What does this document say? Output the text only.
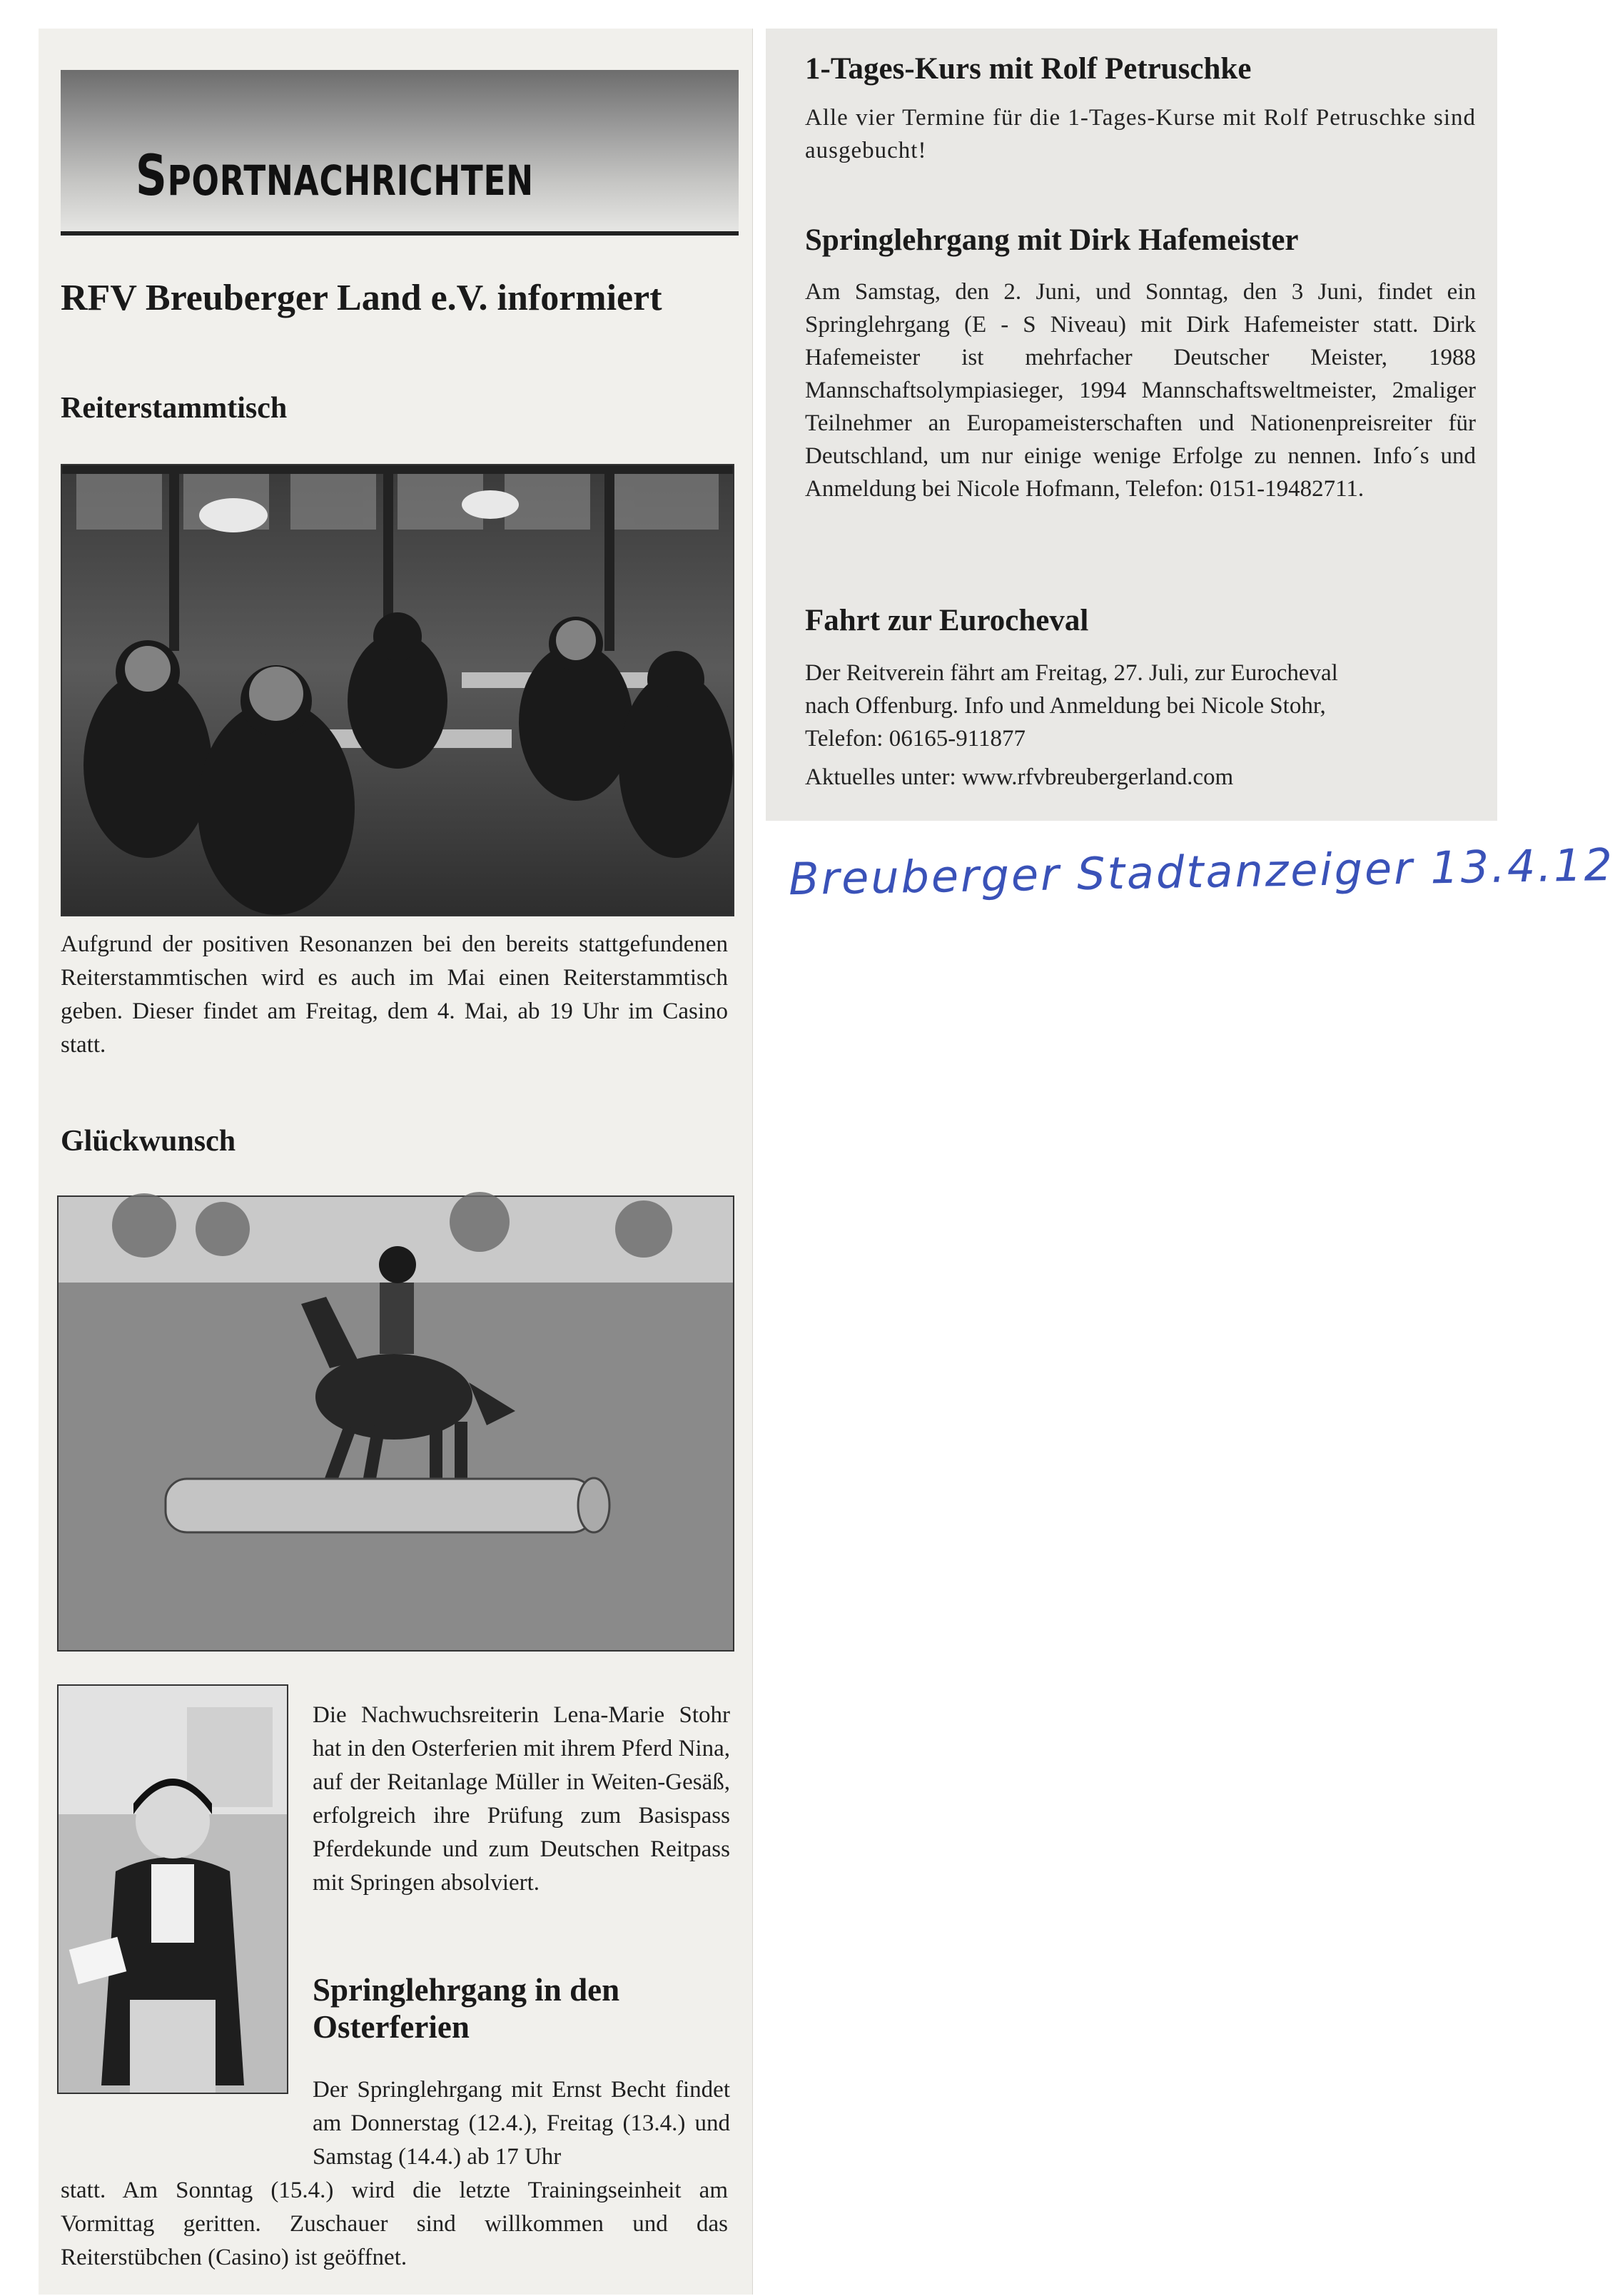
SPORTNACHRICHTEN
RFV Breuberger Land e.V. informiert
Reiterstammtisch
Aufgrund der positiven Resonanzen bei den bereits stattgefundenen Reiterstammtischen wird es auch im Mai einen Reiterstammtisch geben. Dieser findet am Freitag, dem 4. Mai, ab 19 Uhr im Casino statt.
Glückwunsch
Die Nachwuchsreiterin Lena-Marie Stohr hat in den Osterferien mit ihrem Pferd Nina, auf der Reitanlage Müller in Weiten-Gesäß, erfolgreich ihre Prüfung zum Basispass Pferdekunde und zum Deutschen Reitpass mit Springen absolviert.
Springlehrgang in den Osterferien
Der Springlehrgang mit Ernst Becht findet am Donnerstag (12.4.), Freitag (13.4.) und Samstag (14.4.) ab 17 Uhr
statt. Am Sonntag (15.4.) wird die letzte Trainingseinheit am Vormittag geritten. Zuschauer sind willkommen und das Reiterstübchen (Casino) ist geöffnet.
1-Tages-Kurs mit Rolf Petruschke
Alle vier Termine für die 1-Tages-Kurse mit Rolf Petruschke sind ausgebucht!
Springlehrgang mit Dirk Hafemeister
Am Samstag, den 2. Juni, und Sonntag, den 3 Juni, findet ein Springlehrgang (E - S Niveau) mit Dirk Hafemeister statt. Dirk Hafemeister ist mehrfacher Deutscher Meister, 1988 Mannschaftsolympiasieger, 1994 Mannschaftsweltmeister, 2maliger Teilnehmer an Europameisterschaften und Nationenpreisreiter für Deutschland, um nur einige wenige Erfolge zu nennen. Info´s und Anmeldung bei Nicole Hofmann, Telefon: 0151-19482711.
Fahrt zur Eurocheval
Der Reitverein fährt am Freitag, 27. Juli, zur Eurocheval
nach Offenburg. Info und Anmeldung bei Nicole Stohr,
Telefon: 06165-911877
Aktuelles unter: www.rfvbreubergerland.com
Breuberger Stadtanzeiger 13.4.12
